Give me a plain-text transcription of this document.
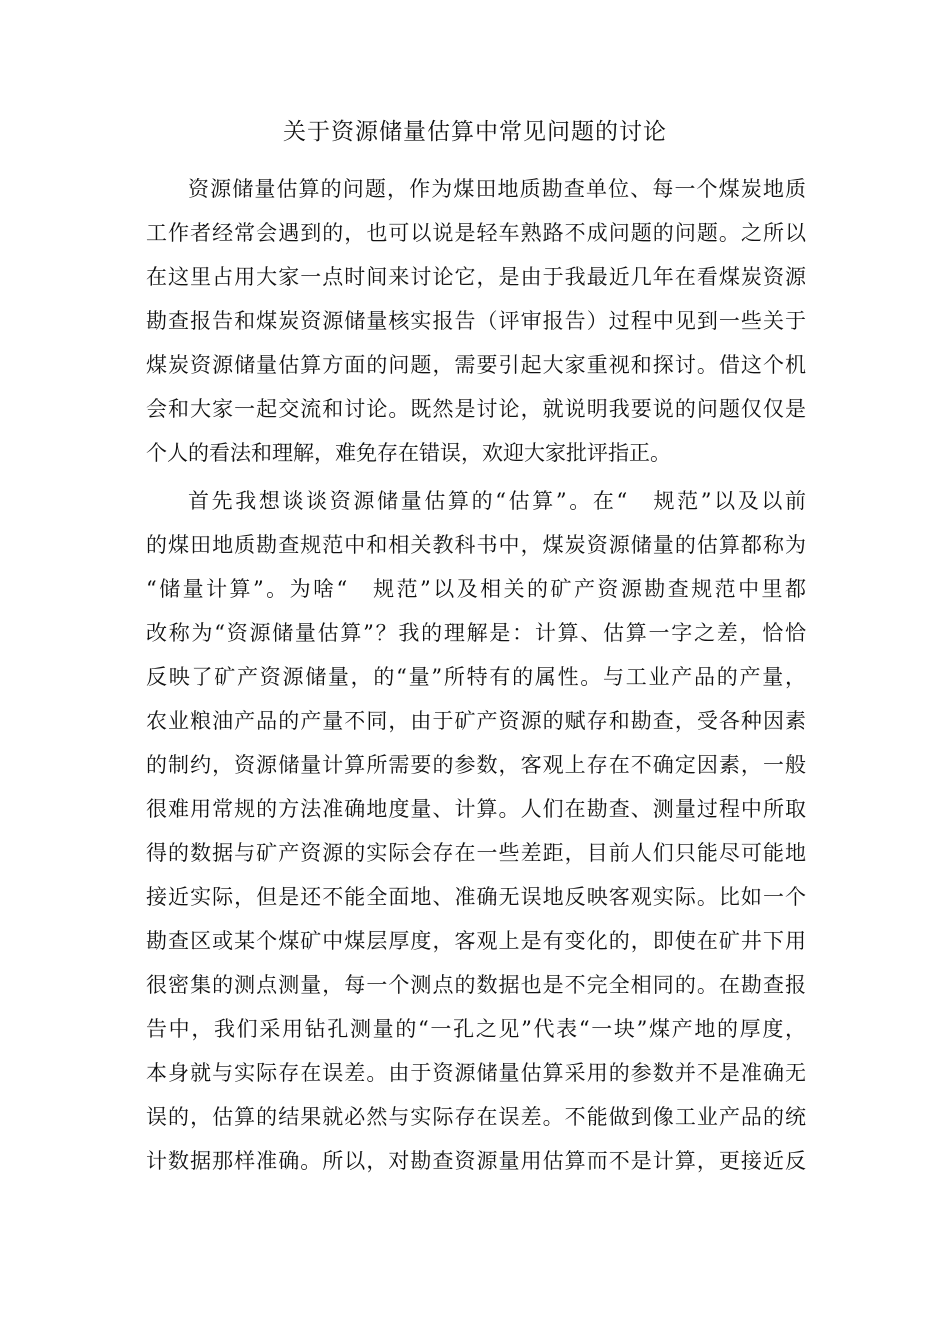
关于资源储量估算中常见问题的讨论
资源储量估算的问题，作为煤田地质勘查单位、每一个煤炭地质
工作者经常会遇到的，也可以说是轻车熟路不成问题的问题。之所以
在这里占用大家一点时间来讨论它，是由于我最近几年在看煤炭资源
勘查报告和煤炭资源储量核实报告（评审报告）过程中见到一些关于
煤炭资源储量估算方面的问题，需要引起大家重视和探讨。借这个机
会和大家一起交流和讨论。既然是讨论，就说明我要说的问题仅仅是
个人的看法和理解，难免存在错误，欢迎大家批评指正。
首先我想谈谈资源储量估算的“估算”。在“　规范”以及以前
的煤田地质勘查规范中和相关教科书中，煤炭资源储量的估算都称为
“储量计算”。为啥“　规范”以及相关的矿产资源勘查规范中里都
改称为“资源储量估算”？我的理解是：计算、估算一字之差，恰恰
反映了矿产资源储量，的“量”所特有的属性。与工业产品的产量，
农业粮油产品的产量不同，由于矿产资源的赋存和勘查，受各种因素
的制约，资源储量计算所需要的参数，客观上存在不确定因素，一般
很难用常规的方法准确地度量、计算。人们在勘查、测量过程中所取
得的数据与矿产资源的实际会存在一些差距，目前人们只能尽可能地
接近实际，但是还不能全面地、准确无误地反映客观实际。比如一个
勘查区或某个煤矿中煤层厚度，客观上是有变化的，即使在矿井下用
很密集的测点测量，每一个测点的数据也是不完全相同的。在勘查报
告中，我们采用钻孔测量的“一孔之见”代表“一块”煤产地的厚度，
本身就与实际存在误差。由于资源储量估算采用的参数并不是准确无
误的，估算的结果就必然与实际存在误差。不能做到像工业产品的统
计数据那样准确。所以，对勘查资源量用估算而不是计算，更接近反
